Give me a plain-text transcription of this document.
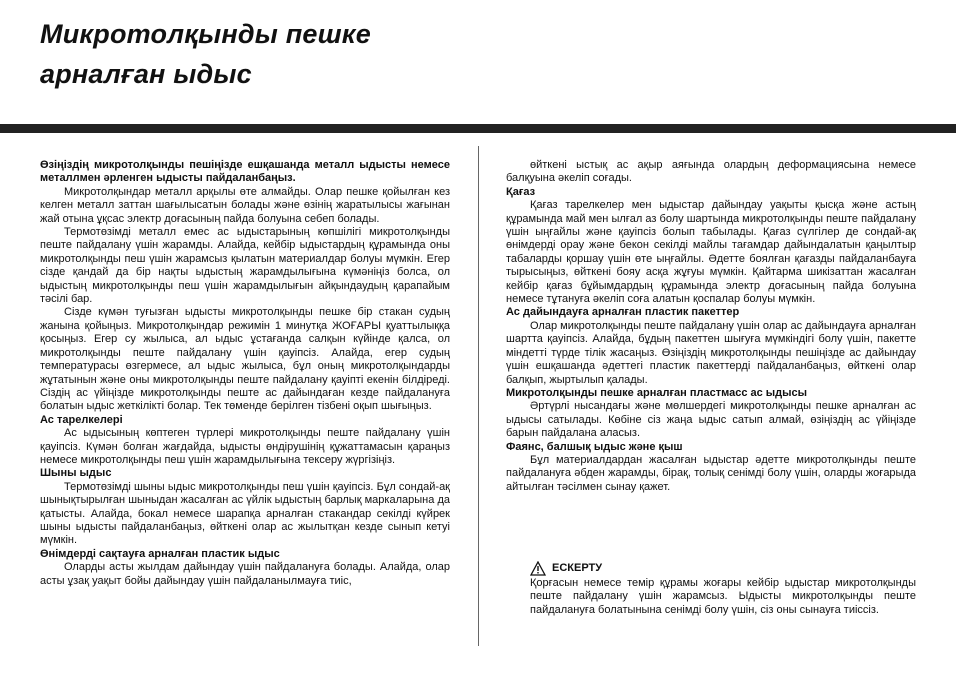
Микротолқынды пешке
арналған ыдыс

Өзіңіздің микротолқынды пешіңізде ешқашанда металл ыдысты немесе металлмен әрленген ыдысты пайдаланбаңыз.

Микротолқындар металл арқылы өте алмайды. Олар пешке қойылған кез келген металл заттан шағылысатын болады және өзінің жаратылысы жағынан жай отына ұқсас электр доғасының пайда болуына себеп болады.

Термотөзімді металл емес ас ыдыстарының көпшілігі микротолқынды пеште пайдалану үшін жарамды. Алайда, кейбір ыдыстардың құрамында оны микротолқынды пеш үшін жарамсыз қылатын материалдар болуы мүмкін. Егер сізде қандай да бір нақты ыдыстың жарамдылығына күмәніңіз болса, ол ыдыстың микротолқынды пеш үшін жарамдылығын айқындаудың қарапайым тәсілі бар.

Сізде күмән туғызған ыдысты микротолқынды пешке бір стакан судың жанына қойыңыз. Микротолқындар режимін 1 минутқа ЖОҒАРЫ қуаттылыққа қосыңыз. Егер су жылыса, ал ыдыс ұстағанда салқын күйінде қалса, ол микротолқынды пеште пайдалану үшін қауіпсіз. Алайда, егер судың температурасы өзгермесе, ал ыдыс жылыса, бұл оның микротолқындарды жұтатынын және оны микротолқынды пеште пайдалану қауіпті екенін білдіреді. Сіздің ас үйіңізде микротолқынды пеште ас дайындаған кезде пайдалануға болатын ыдыс жеткілікті болар. Тек төменде берілген тізбені оқып шығыңыз.

Ас тарелкелері

Ас ыдысының көптеген түрлері микротолқынды пеште пайдалану үшін қауіпсіз. Күмән болған жағдайда, ыдысты өндірушінің құжаттамасын қараңыз немесе микротолқынды пеш үшін жарамдылығына тексеру жүргізіңіз.

Шыны ыдыс

Термотөзімді шыны ыдыс микротолқынды пеш үшін қауіпсіз. Бұл сондай-ақ шынықтырылған шыныдан жасалған ас үйлік ыдыстың барлық маркаларына да қатысты. Алайда, бокал немесе шарапқа арналған стакандар секілді күйрек шыны ыдысты пайдаланбаңыз, өйткені олар ас жылытқан кезде сынып кетуі мүмкін.

Өнімдерді сақтауға арналған пластик ыдыс

Оларды асты жылдам дайындау үшін пайдалануға болады. Алайда, олар асты ұзақ уақыт бойы дайындау үшін пайдаланылмауға тиіс,

өйткені ыстық ас ақыр аяғында олардың деформациясына немесе балқуына әкеліп соғады.

Қағаз

Қағаз тарелкелер мен ыдыстар дайындау уақыты қысқа және астың құрамында май мен ылғал аз болу шартында микротолқынды пеште пайдалану үшін ыңғайлы және қауіпсіз болып табылады. Қағаз сүлгілер де сондай-ақ өнімдерді орау және бекон секілді майлы тағамдар дайындалатын қаңылтыр табаларды қоршау үшін өте ыңғайлы. Әдетте боялған қағазды пайдаланбауға тырысыңыз, өйткені бояу асқа жұғуы мүмкін. Қайтарма шикізаттан жасалған кейбір қағаз бұйымдардың құрамында электр доғасының пайда болуына немесе тұтануға әкеліп соға алатын қоспалар болуы мүмкін.

Ас дайындауға арналған пластик пакеттер

Олар микротолқынды пеште пайдалану үшін олар ас дайындауға арналған шартта қауіпсіз. Алайда, бұдың пакеттен шығуға мүмкіндігі болу үшін, пакетте міндетті түрде тілік жасаңыз. Өзіңіздің микротолқынды пешіңізде ас дайындау үшін ешқашанда әдеттегі пластик пакеттерді пайдаланбаңыз, өйткені олар балқып, жыртылып қалады.

Микротолқынды пешке арналған пластмасс ас ыдысы

Әртүрлі нысандағы және мөлшердегі микротолқынды пешке арналған ас ыдысы сатылады. Көбіне сіз жаңа ыдыс сатып алмай, өзіңіздің ас үйіңізде барын пайдалана аласыз.

Фаянс, балшық ыдыс және қыш

Бұл материалдардан жасалған ыдыстар әдетте микротолқынды пеште пайдалануға әбден жарамды, бірақ, толық сенімді болу үшін, оларды жоғарыда айтылған тәсілмен сынау қажет.

ЕСКЕРТУ

Қорғасын немесе темір құрамы жоғары кейбір ыдыстар микротолқынды пеште пайдалану үшін жарамсыз. Ыдысты микротолқынды пеште пайдалануға болатынына сенімді болу үшін, сіз оны сынауға тиіссіз.
